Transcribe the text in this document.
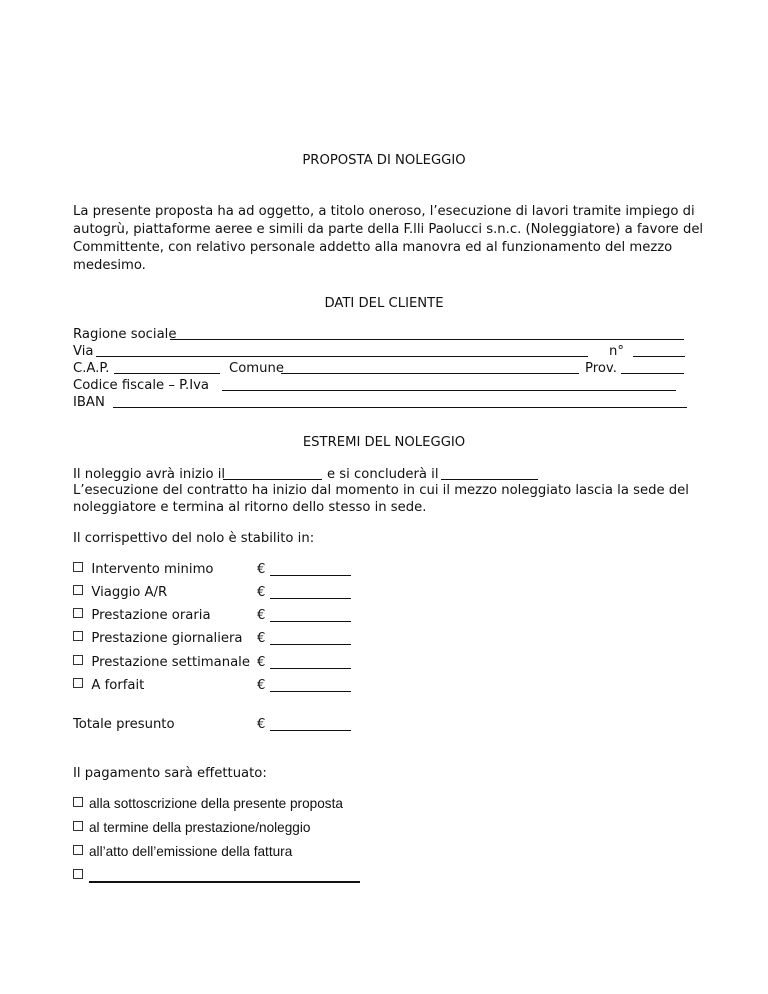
PROPOSTA DI NOLEGGIO
La presente proposta ha ad oggetto, a titolo oneroso, l’esecuzione di lavori tramite impiego di autogrù, piattaforme aeree e simili da parte della F.lli Paolucci s.n.c. (Noleggiatore) a favore del Committente, con relativo personale addetto alla manovra ed al funzionamento del mezzo medesimo.
DATI DEL CLIENTE
Ragione sociale
Via	n°
C.A.P.	Comune	Prov.
Codice fiscale – P.Iva
IBAN
ESTREMI DEL NOLEGGIO
Il noleggio avrà inizio il	e si concluderà il
L’esecuzione del contratto ha inizio dal momento in cui il mezzo noleggiato lascia la sede del noleggiatore e termina al ritorno dello stesso in sede.
Il corrispettivo del nolo è stabilito in:
Intervento minimo	€
Viaggio A/R	€
Prestazione oraria	€
Prestazione giornaliera €
Prestazione settimanale €
A forfait	€
Totale presunto	€
Il pagamento sarà effettuato:
alla sottoscrizione della presente proposta
al termine della prestazione/noleggio
all’atto dell’emissione della fattura
